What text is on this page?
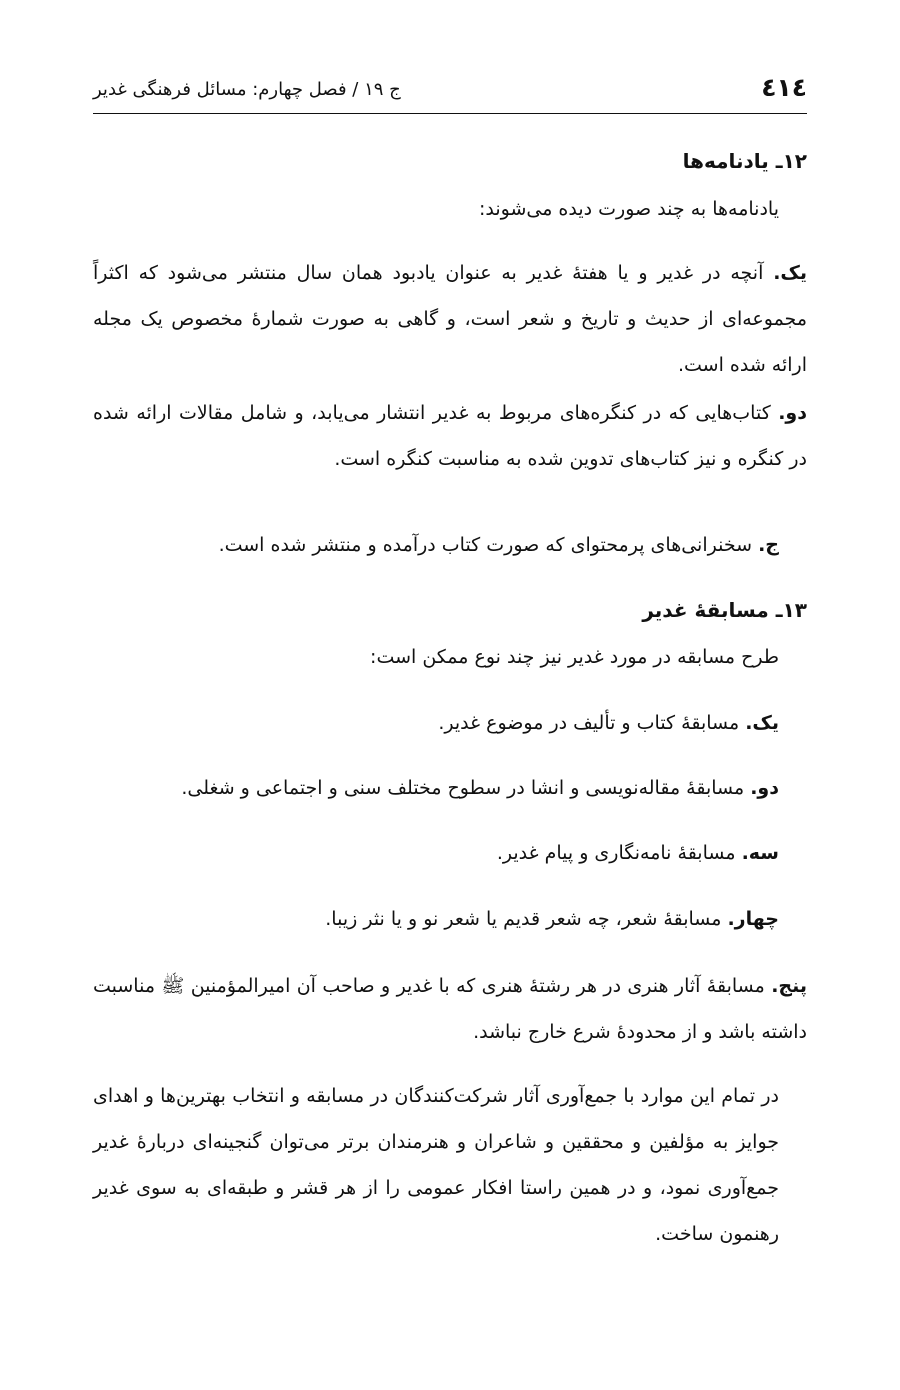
٤١٤
ج ١٩ / فصل چهارم: مسائل فرهنگی غدیر
١٢ـ یادنامه‌ها
یادنامه‌ها به چند صورت دیده می‌شوند:
یک. آنچه در غدیر و یا هفتهٔ غدیر به عنوان یادبود همان سال منتشر می‌شود که اکثراً مجموعه‌ای از حدیث و تاریخ و شعر است، و گاهی به صورت شمارهٔ مخصوص یک مجله ارائه شده است.
دو. کتاب‌هایی که در کنگره‌های مربوط به غدیر انتشار می‌یابد، و شامل مقالات ارائه شده در کنگره و نیز کتاب‌های تدوین شده به مناسبت کنگره است.
ج. سخنرانی‌های پرمحتوای که صورت کتاب درآمده و منتشر شده است.
١٣ـ مسابقهٔ غدیر
طرح مسابقه در مورد غدیر نیز چند نوع ممکن است:
یک. مسابقهٔ کتاب و تألیف در موضوع غدیر.
دو. مسابقهٔ مقاله‌نویسی و انشا در سطوح مختلف سنی و اجتماعی و شغلی.
سه. مسابقهٔ نامه‌نگاری و پیام غدیر.
چهار. مسابقهٔ شعر، چه شعر قدیم یا شعر نو و یا نثر زیبا.
پنج. مسابقهٔ آثار هنری در هر رشتهٔ هنری که با غدیر و صاحب آن امیرالمؤمنین ﷺ مناسبت داشته باشد و از محدودهٔ شرع خارج نباشد.
در تمام این موارد با جمع‌آوری آثار شرکت‌کنندگان در مسابقه و انتخاب بهترین‌ها و اهدای جوایز به مؤلفین و محققین و شاعران و هنرمندان برتر می‌توان گنجینه‌ای دربارهٔ غدیر جمع‌آوری نمود، و در همین راستا افکار عمومی را از هر قشر و طبقه‌ای به سوی غدیر رهنمون ساخت.
